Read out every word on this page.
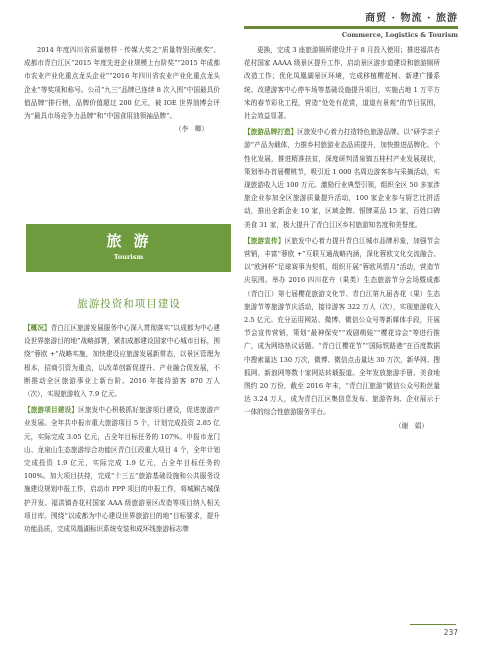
商贸 · 物流 · 旅游
Commerce, Logistics & Tourism

2014 年度四川省质量榜样 · 传媒大奖之“质量特别贡献奖”、成都市青白江区“2015 年度先进企业规模上台阶奖”“2015 年成都市农业产业化重点龙头企业”“2016 年四川省农业产业化重点龙头企业”等奖项和称号。公司“九三”品牌已连续 8 次入围“中国最具价值品牌”排行榜，品牌价值超过 200 亿元，被 IOE 世界油博会评为“最具市场竞争力品牌”和“中国食用油领袖品牌”。

（李　卿）

旅游
Tourism
旅游投资和项目建设

【概况】青白江区旅游发展服务中心深入贯彻落实“以成都为中心建设世界旅游目的地”战略部署，紧扣成都建设国家中心城市目标，围绕“蓉欧 +”战略实施，加快建设应旅游发展新常态，以景区管理为根本，招商引资为重点，以改革创新促提升、产业融合促发展，不断推动全区旅游事业上新台阶。2016 年接待游客 870 万人（次），实现旅游收入 7.9 亿元。

【旅游项目建设】区旅发中心积极抓好旅游项目建设，促进旅游产业发展。全年共申报市重大旅游项目 5 个，计划完成投资 2.85 亿元，实际完成 3.05 亿元，占全年目标任务的 107%。申报市龙门山、龙泉山生态旅游综合功能区青白江段重大项目 4 个，全年计划完成投资 1.9 亿元，实际完成 1.9 亿元，占全年目标任务的 100%。加大项目扶持，完成“十三五”旅游基础设施和公共服务设施建设规划申报工作，启动市 PPP 项目的申报工作，将城厢古城保护开发、福洪镇杏花村国家 AAA 级旅游景区改造等项目纳入相关项目库。围绕“以成都为中心建设世界旅游目的地”目标要求，提升功能品质，完成凤凰湖标识系统安装和成环线旅游标志牌

更换，完成 3 座旅游厕所建设并于 8 月投入使用；推进福洪杏花村国家 AAAA 级景区提升工作，启动景区游步道建设和旅游厕所改造工作；优化凤凰湖景区环境，完成移植樱花树、新建广播系统、改建游客中心停车场等基础设施提升项目，实施占地 1 万平方米的春节彩化工程，营造“处处有花赏，道道有景观”的节日氛围，社会效益显著。

【旅游品牌打造】区旅发中心着力打造特色旅游品牌。以“研学亲子游”产品为载体，力推乡村旅游业态品质提升，加快推进品牌化、个性化发展，推进精准扶贫，深度研判清泉镇五桂村产业发展现状，策划举办首届樱桃节，吸引近 1 000 名周边游客参与采摘活动，实现旅游收入近 100 万元。激励行业典型引领，组织全区 50 多家涉旅企业参加全区旅游质量提升活动，100 家企业参与厨艺比拼活动，推出全新企业 10 家，区域金牌、银牌菜品 15 家，百姓口碑美食 31 家，极大提升了青白江区乡村旅游知名度和美誉度。

【旅游宣传】区旅发中心着力提升青白江城市品牌形象，加强节会营销，丰富“蓉欧 +”互联互通战略内涵，深化蓉欧文化交流融合。以“欧洲杯”足球赛事为契机，组织开展“蓉欧风情月”活动，营造节庆氛围。举办 2016 四川花卉（果类）生态旅游节分会场暨成都（青白江）第七届樱花旅游文化节、青白江第九届杏花（果）生态旅游节等旅游节庆活动，接待游客 322 万人（次），实现旅游收入 2.5 亿元。充分运用网站、微博、微信公众号等新媒体手段，开展节会宣传营销，策划“最神保安”“戏剧萌娃”“樱花诗会”等进行推广，成为网络热议话题。“青白江樱花节”“国际铁路港”在百度数据中搜索量达 130 万次，微博、微信点击量达 30 万次，新华网、搜狐网、新浪网等数十家网站转载报道。全年发放旅游手册、美食地图约 20 万份，截至 2016 年末，“青白江旅游”微信公众号粉丝量达 3.24 万人，成为青白江区集信息发布、旅游咨询、企业展示于一体的综合性旅游服务平台。

（谢　娟）

237
